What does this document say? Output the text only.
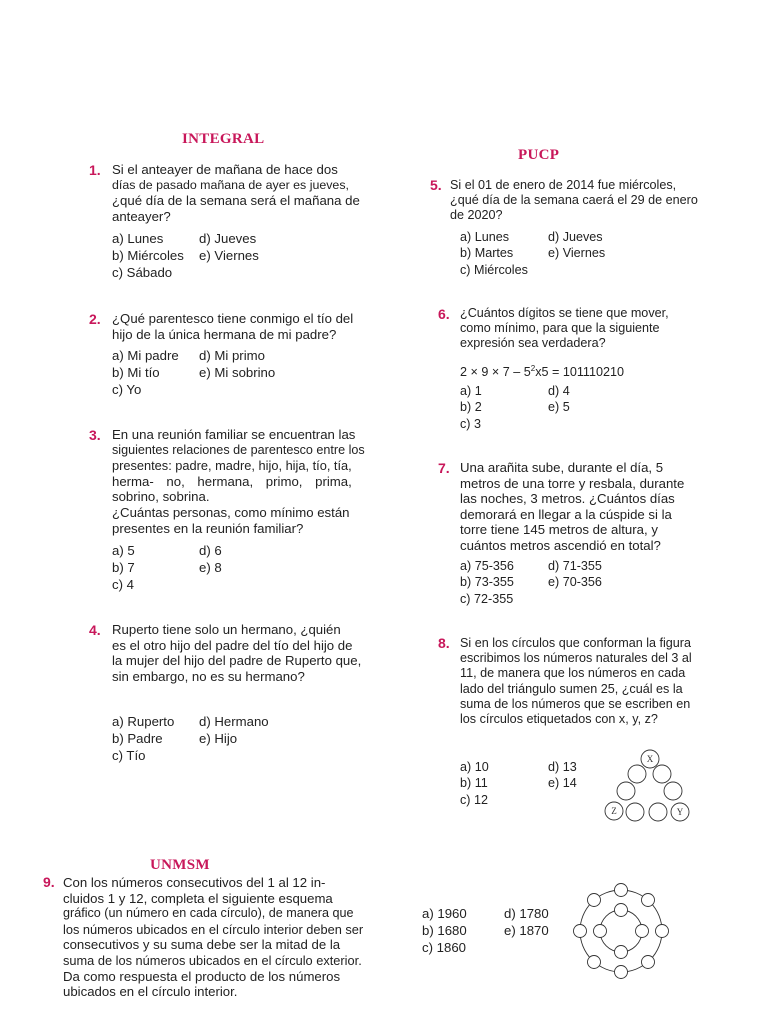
INTEGRAL
PUCP
UNMSM
1. Si el anteayer de mañana de hace dos
días de pasado mañana de ayer es jueves,
¿qué día de la semana será el mañana de
anteayer?
a) Lunes	d) Jueves
b) Miércoles e) Viernes
c) Sábado
2. ¿Qué parentesco tiene conmigo el tío del
hijo de la única hermana de mi padre?
a) Mi padre d) Mi primo
b) Mi tío	e) Mi sobrino
c) Yo
3. En una reunión familiar se encuentran las
siguientes relaciones de parentesco entre los
presentes: padre, madre, hijo, hija, tío, tía,
herma- no, hermana, primo, prima,
sobrino, sobrina.
¿Cuántas personas, como mínimo están
presentes en la reunión familiar?
a) 5	d) 6
b) 7	e) 8
c) 4
4. Ruperto tiene solo un hermano, ¿quién
es el otro hijo del padre del tío del hijo de
la mujer del hijo del padre de Ruperto que,
sin embargo, no es su hermano?
a) Ruperto d) Hermano
b) Padre	e) Hijo
c) Tío
5. Si el 01 de enero de 2014 fue miércoles,
¿qué día de la semana caerá el 29 de enero
de 2020?
a) Lunes	d) Jueves
b) Martes	e) Viernes
c) Miércoles
6. ¿Cuántos dígitos se tiene que mover,
como mínimo, para que la siguiente
expresión sea verdadera?
$2 \times 9 \times 7 - 5^2x5 = 101110210$
a) 1	d) 4
b) 2	e) 5
c) 3
7. Una arañita sube, durante el día, 5
metros de una torre y resbala, durante
las noches, 3 metros. ¿Cuántos días
demorará en llegar a la cúspide si la
torre tiene 145 metros de altura, y
cuántos metros ascendió en total?
a) 75-356	d) 71-355
b) 73-355	e) 70-356
c) 72-355
8. Si en los círculos que conforman la figura
escribimos los números naturales del 3 al
11, de manera que los números en cada
lado del triángulo sumen 25, ¿cuál es la
suma de los números que se escriben en
los círculos etiquetados con x, y, z?
a) 10	d) 13
b) 11	e) 14
c) 12
X
Z	Y
9. Con los números consecutivos del 1 al 12 in-
cluidos 1 y 12, completa el siguiente esquema
gráfico (un número en cada círculo), de manera que
los números ubicados en el círculo interior deben ser
consecutivos y su suma debe ser la mitad de la
suma de los números ubicados en el círculo exterior.
Da como respuesta el producto de los números
ubicados en el círculo interior.
a) 1960	d) 1780
b) 1680	e) 1870
c) 1860
